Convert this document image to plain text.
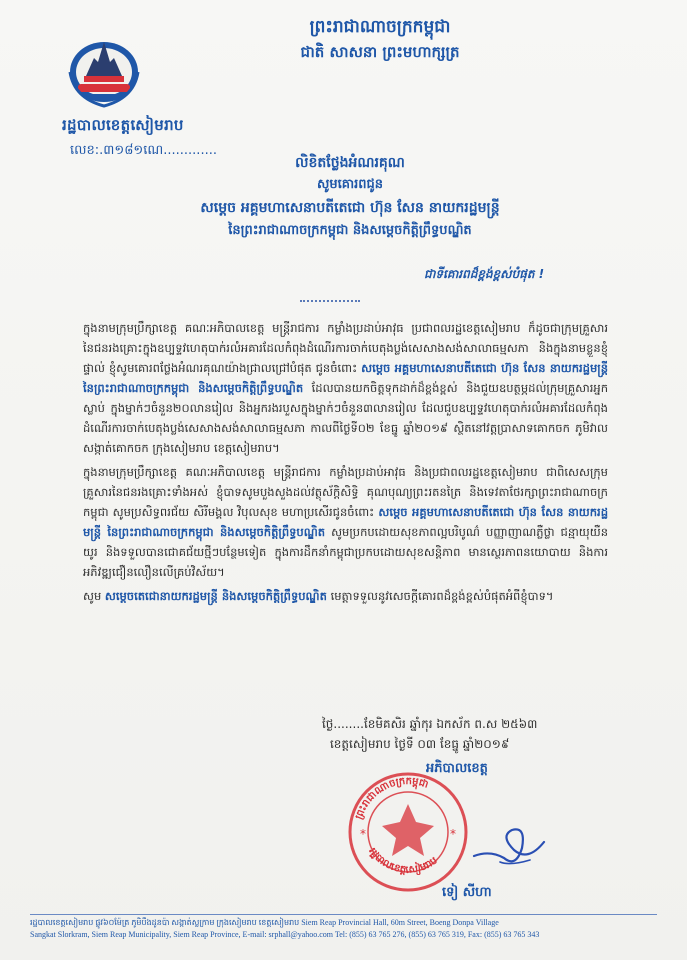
ព្រះរាជាណាចក្រកម្ពុជា
ជាតិ សាសនា ព្រះមហាក្សត្រ
រដ្ឋបាលខេត្តសៀមរាប
លេខ:.៣១៨១ណេ.............
លិខិតថ្លែងអំណរគុណ
សូមគោរពជូន
សម្តេច អគ្គមហាសេនាបតីតេជោ ហ៊ុន សែន នាយករដ្ឋមន្ត្រី
នៃព្រះរាជាណាចក្រកម្ពុជា និងសម្តេចកិត្តិព្រឹទ្ធបណ្ឌិត
ជាទីគោរពដ៏ខ្ពង់ខ្ពស់បំផុត !

ក្នុងនាមក្រុមប្រឹក្សាខេត្ត គណៈអភិបាលខេត្ត មន្ត្រីរាជការ កម្លាំងប្រដាប់អាវុធ ប្រជាពលរដ្ឋខេត្តសៀមរាប ក៏ដូចជាក្រុមគ្រួសារនៃជនរងគ្រោះក្នុងឧប្បទ្ទវហេតុបាក់រលំអគារដែលកំពុងដំណើរការចាក់បេតុងប្លង់សេសាងសង់សាលាធម្មសភា និងក្នុងនាមខ្លួនខ្ញុំផ្ទាល់ ខ្ញុំសូមគោរពថ្លែងអំណរគុណយ៉ាងជ្រាលជ្រៅបំផុត ជូនចំពោះ សម្តេច អគ្គមហាសេនាបតីតេជោ ហ៊ុន សែន នាយករដ្ឋមន្ត្រី នៃព្រះរាជាណាចក្រកម្ពុជា និងសម្តេចកិត្តិព្រឹទ្ធបណ្ឌិត ដែលបានយកចិត្តទុកដាក់ដ៏ខ្ពង់ខ្ពស់ និងជួយឧបត្ថម្ភដល់ក្រុមគ្រួសារអ្នកស្លាប់ ក្នុងម្នាក់ៗចំនួន២០លានរៀល និងអ្នករងរបួសក្នុងម្នាក់ៗចំនួន៣លានរៀល ដែលជួបឧប្បទ្ទវហេតុបាក់រលំអគារដែលកំពុងដំណើរការចាក់បេតុងប្លង់សេសាងសង់សាលាធម្មសភា កាលពីថ្ងៃទី០២ ខែធ្នូ ឆ្នាំ២០១៩ ស្ថិតនៅវត្តប្រាសាទគោកចក ភូមិវាល សង្កាត់គោកចក ក្រុងសៀមរាប ខេត្តសៀមរាប។

ក្នុងនាមក្រុមប្រឹក្សាខេត្ត គណៈអភិបាលខេត្ត មន្ត្រីរាជការ កម្លាំងប្រដាប់អាវុធ និងប្រជាពលរដ្ឋខេត្តសៀមរាប ជាពិសេសក្រុមគ្រួសារនៃជនរងគ្រោះទាំងអស់ ខ្ញុំបាទសូមបួងសួងដល់វត្ថុស័ក្តិសិទ្ធិ គុណបុណ្យព្រះរតនត្រៃ និងទេវតាថែរក្សាព្រះរាជាណាចក្រកម្ពុជា សូមប្រសិទ្ធពរជ័យ សិរីមង្គល វិបុលសុខ មហាប្រសើរជូនចំពោះ សម្តេច អគ្គមហាសេនាបតីតេជោ ហ៊ុន សែន នាយករដ្ឋមន្ត្រី នៃព្រះរាជាណាចក្រកម្ពុជា និងសម្តេចកិត្តិព្រឹទ្ធបណ្ឌិត សូមប្រកបដោយសុខភាពល្អបរិបូណ៌ បញ្ញាញាណភ្លឺថ្លា ជន្មាយុយឺនយូរ និងទទួលបានជោគជ័យថ្មីៗបន្ថែមទៀត ក្នុងការដឹកនាំកម្ពុជាប្រកបដោយសុខសន្តិភាព មានស្ថេរភាពនយោបាយ និងការអភិវឌ្ឍជឿនលឿនលើគ្រប់វិស័យ។

សូម សម្តេចតេជោនាយករដ្ឋមន្ត្រី និងសម្តេចកិត្តិព្រឹទ្ធបណ្ឌិត មេត្តាទទួលនូវសេចក្តីគោរពដ៏ខ្ពង់ខ្ពស់បំផុតអំពីខ្ញុំបាទ។

ថ្ងៃ........ខែមិគសិរ ឆ្នាំកុរ ឯកស័ក ព.ស ២៥៦៣
ខេត្តសៀមរាប ថ្ងៃទី ០៣ ខែធ្នូ ឆ្នាំ២០១៩
អភិបាលខេត្ត
ព្រះរាជាណាចក្រកម្ពុជា
រដ្ឋបាលខេត្តសៀមរាប
*	*
ទៀ សីហា
រដ្ឋបាលខេត្តសៀមរាប ផ្លូវ៦០ម៉ែត្រ ភូមិបឹងដូនប៉ា សង្កាត់ស្លក្រាម ក្រុងសៀមរាប ខេត្តសៀមរាប Siem Reap Provincial Hall, 60m Street, Boeng Donpa Village
Sangkat Slorkram, Siem Reap Municipality, Siem Reap Province, E-mail: srphall@yahoo.com Tel: (855) 63 765 276, (855) 63 765 319, Fax: (855) 63 765 343
